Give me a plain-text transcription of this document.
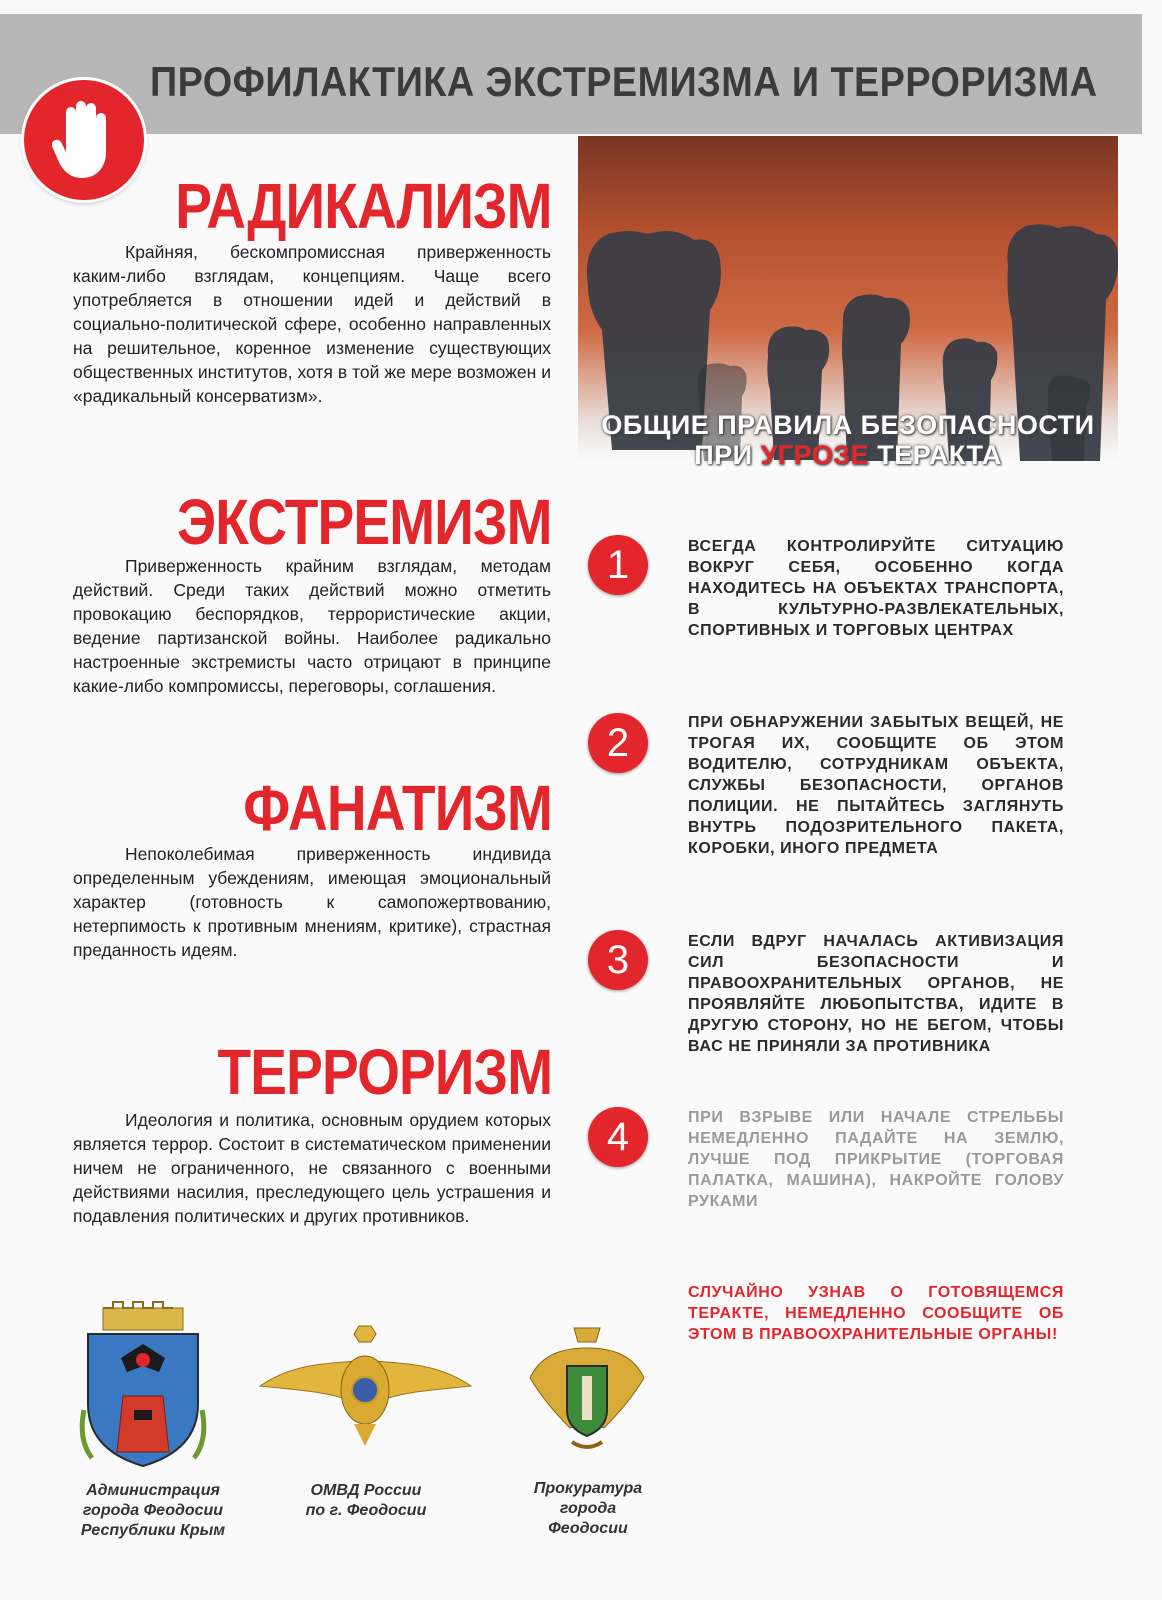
ПРОФИЛАКТИКА ЭКСТРЕМИЗМА И ТЕРРОРИЗМА
РАДИКАЛИЗМ
Крайняя, бескомпромиссная приверженность каким-либо взглядам, концепциям. Чаще всего употребляется в отношении идей и действий в социально-политической сфере, особенно направленных на решительное, коренное изменение существующих общественных институтов, хотя в той же мере возможен и «радикальный консерватизм».
ЭКСТРЕМИЗМ
Приверженность крайним взглядам, методам действий. Среди таких действий можно отметить провокацию беспорядков, террористические акции, ведение партизанской войны. Наиболее радикально настроенные экстремисты часто отрицают в принципе какие-либо компромиссы, переговоры, соглашения.
ФАНАТИЗМ
Непоколебимая приверженность индивида определенным убеждениям, имеющая эмоциональный характер (готовность к самопожертвованию, нетерпимость к противным мнениям, критике), страстная преданность идеям.
ТЕРРОРИЗМ
Идеология и политика, основным орудием которых является террор. Состоит в систематическом применении ничем не ограниченного, не связанного с военными действиями насилия, преследующего цель устрашения и подавления политических и других противников.
ОБЩИЕ ПРАВИЛА БЕЗОПАСНОСТИ
ПРИ УГРОЗЕ ТЕРАКТА
1	ВСЕГДА КОНТРОЛИРУЙТЕ СИТУАЦИЮ ВОКРУГ СЕБЯ, ОСОБЕННО КОГДА НАХОДИТЕСЬ НА ОБЪЕКТАХ ТРАНСПОРТА, В КУЛЬТУРНО-РАЗВЛЕКАТЕЛЬНЫХ, СПОРТИВНЫХ И ТОРГОВЫХ ЦЕНТРАХ
2	ПРИ ОБНАРУЖЕНИИ ЗАБЫТЫХ ВЕЩЕЙ, НЕ ТРОГАЯ ИХ, СООБЩИТЕ ОБ ЭТОМ ВОДИТЕЛЮ, СОТРУДНИКАМ ОБЪЕКТА, СЛУЖБЫ БЕЗОПАСНОСТИ, ОРГАНОВ ПОЛИЦИИ. НЕ ПЫТАЙТЕСЬ ЗАГЛЯНУТЬ ВНУТРЬ ПОДОЗРИТЕЛЬНОГО ПАКЕТА, КОРОБКИ, ИНОГО ПРЕДМЕТА
3	ЕСЛИ ВДРУГ НАЧАЛАСЬ АКТИВИЗАЦИЯ СИЛ БЕЗОПАСНОСТИ И ПРАВООХРАНИТЕЛЬНЫХ ОРГАНОВ, НЕ ПРОЯВЛЯЙТЕ ЛЮБОПЫТСТВА, ИДИТЕ В ДРУГУЮ СТОРОНУ, НО НЕ БЕГОМ, ЧТОБЫ ВАС НЕ ПРИНЯЛИ ЗА ПРОТИВНИКА
4	ПРИ ВЗРЫВЕ ИЛИ НАЧАЛЕ СТРЕЛЬБЫ НЕМЕДЛЕННО ПАДАЙТЕ НА ЗЕМЛЮ, ЛУЧШЕ ПОД ПРИКРЫТИЕ (ТОРГОВАЯ ПАЛАТКА, МАШИНА), НАКРОЙТЕ ГОЛОВУ РУКАМИ
СЛУЧАЙНО УЗНАВ О ГОТОВЯЩЕМСЯ ТЕРАКТЕ, НЕМЕДЛЕННО СООБЩИТЕ ОБ ЭТОМ В ПРАВООХРАНИТЕЛЬНЫЕ ОРГАНЫ!
Администрация
города Феодосии
Республики Крым
ОМВД России
по г. Феодосии
Прокуратура
города
Феодосии
